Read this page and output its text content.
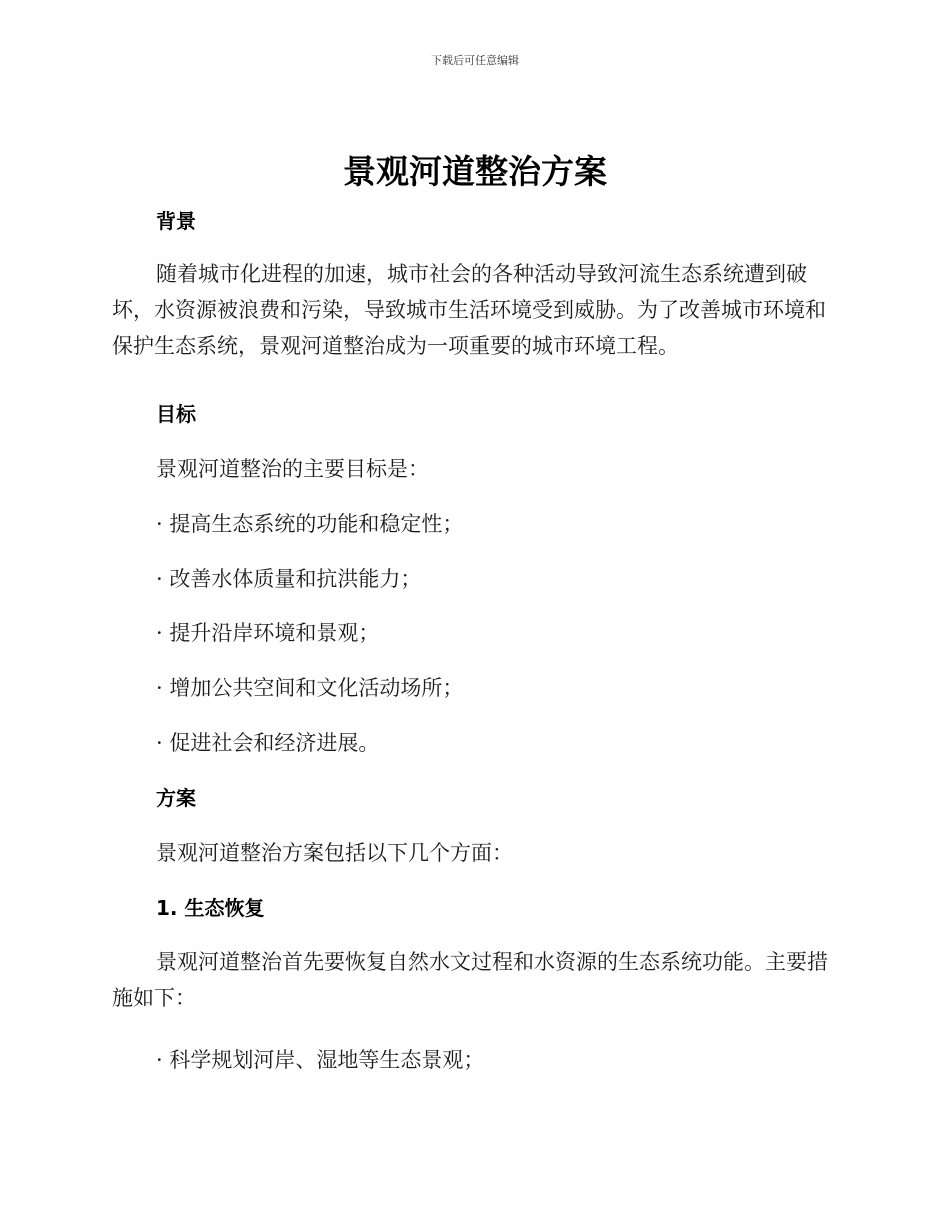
下载后可任意编辑
景观河道整治方案
背景
随着城市化进程的加速，城市社会的各种活动导致河流生态系统遭到破坏，水资源被浪费和污染，导致城市生活环境受到威胁。为了改善城市环境和保护生态系统，景观河道整治成为一项重要的城市环境工程。
目标
景观河道整治的主要目标是：
· 提高生态系统的功能和稳定性；
· 改善水体质量和抗洪能力；
· 提升沿岸环境和景观；
· 增加公共空间和文化活动场所；
· 促进社会和经济进展。
方案
景观河道整治方案包括以下几个方面：
1. 生态恢复
景观河道整治首先要恢复自然水文过程和水资源的生态系统功能。主要措施如下：
· 科学规划河岸、湿地等生态景观；
